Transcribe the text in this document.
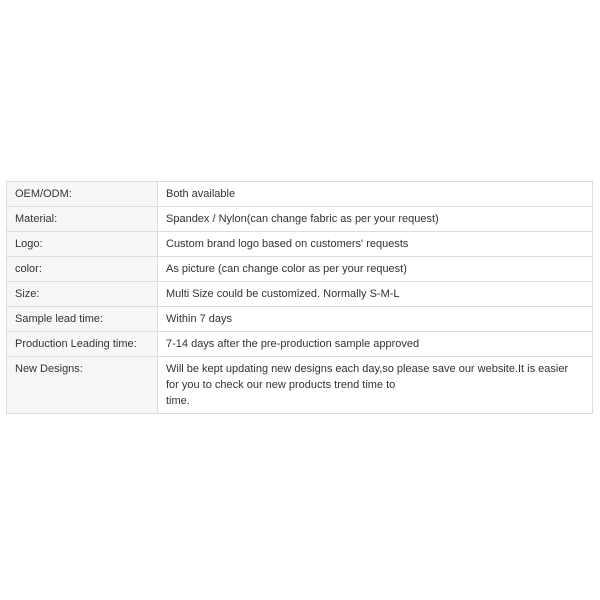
OEM/ODM:	Both available
Material:	Spandex / Nylon(can change fabric as per your request)
Logo:	Custom brand logo based on customers' requests
color:	As picture (can change color as per your request)
Size:	Multi Size could be customized. Normally S-M-L
Sample lead time:	Within 7 days
Production Leading time:	7-14 days after the pre-production sample approved
New Designs:	Will be kept updating new designs each day,so please save our website.It is easier
for you to check our new products trend time to
time.
